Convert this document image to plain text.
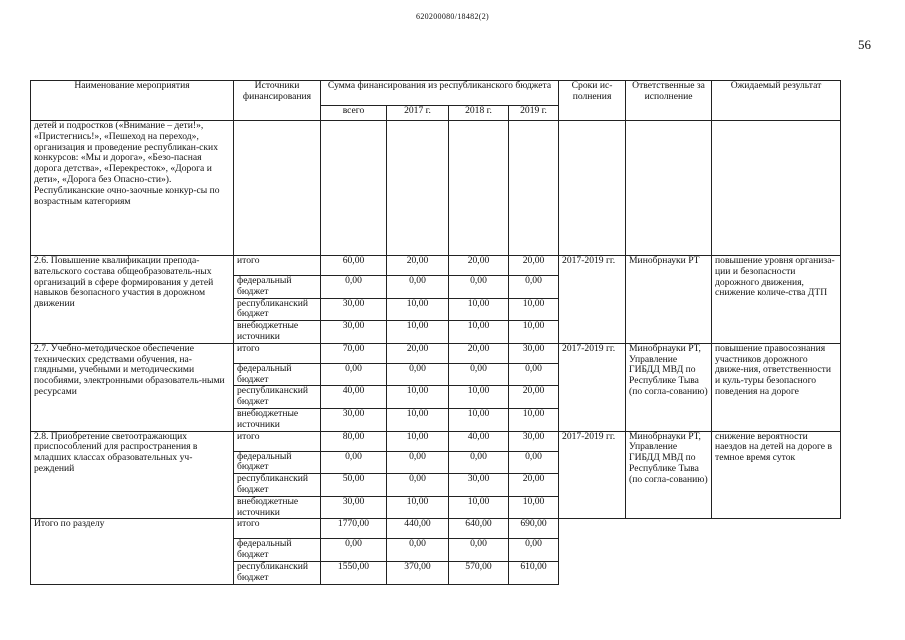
620200080/18482(2)
56
Наименование мероприятия	Источники финансирования	Сумма финансирования из республиканского бюджета				Сроки ис-полнения	Ответственные за исполнение	Ожидаемый результат
		всего	2017 г.	2018 г.	2019 г.			
детей и подростков («Внимание – дети!», «Пристегнись!», «Пешеход на переход», организация и проведение республикан-ских конкурсов: «Мы и дорога», «Безо-пасная дорога детства», «Перекресток», «Дорога и дети», «Дорога без Опасно-сти»). Республиканские очно-заочные конкур-сы по возрастным категориям								
2.6. Повышение квалификации препода-вательского состава общеобразователь-ных организаций в сфере формирования у детей навыков безопасного участия в дорожном движении	итого	60,00	20,00	20,00	20,00	2017-2019 гг.	Минобрнауки РТ	повышение уровня организа-ции и безопасности дорожного движения, снижение количе-ства ДТП
	федеральный бюджет	0,00	0,00	0,00	0,00			
	республиканский бюджет	30,00	10,00	10,00	10,00			
	внебюджетные источники	30,00	10,00	10,00	10,00			
2.7. Учебно-методическое обеспечение технических средствами обучения, на-глядными, учебными и методическими пособиями, электронными образователь-ными ресурсами	итого	70,00	20,00	20,00	30,00	2017-2019 гг.	Минобрнауки РТ, Управление ГИБДД МВД по Республике Тыва (по согла-сованию)	повышение правосознания участников дорожного движе-ния, ответственности и куль-туры безопасного поведения на дороге
	федеральный бюджет	0,00	0,00	0,00	0,00			
	республиканский бюджет	40,00	10,00	10,00	20,00			
	внебюджетные источники	30,00	10,00	10,00	10,00			
2.8. Приобретение светоотражающих приспособлений для распространения в младших классах образовательных уч-реждений	итого	80,00	10,00	40,00	30,00	2017-2019 гг.	Минобрнауки РТ, Управление ГИБДД МВД по Республике Тыва (по согла-сованию)	снижение вероятности наездов на детей на дороге в темное время суток
	федеральный бюджет	0,00	0,00	0,00	0,00			
	республиканский бюджет	50,00	0,00	30,00	20,00			
	внебюджетные источники	30,00	10,00	10,00	10,00			
Итого по разделу	итого	1770,00	440,00	640,00	690,00			
	федеральный бюджет	0,00	0,00	0,00	0,00			
	республиканский бюджет	1550,00	370,00	570,00	610,00			
